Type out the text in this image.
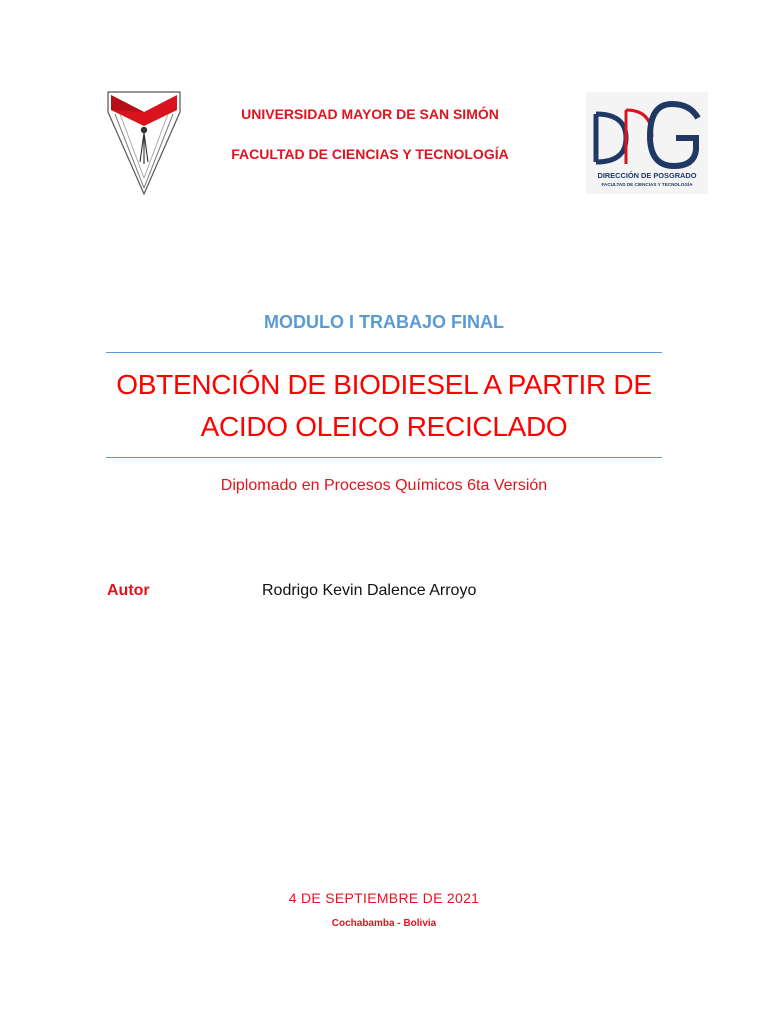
UMSS
UNIVERSIDAD MAYOR DE SAN SIMÓN
FACULTAD DE CIENCIAS Y TECNOLOGÍA
DIRECCIÓN DE POSGRADO
FACULTAD DE CIENCIAS Y TECNOLOGÍA
MODULO I TRABAJO FINAL
OBTENCIÓN DE BIODIESEL A PARTIR DE
ACIDO OLEICO RECICLADO
Diplomado en Procesos Químicos 6ta Versión
Autor	Rodrigo Kevin Dalence Arroyo
4 DE SEPTIEMBRE DE 2021
Cochabamba - Bolivia
